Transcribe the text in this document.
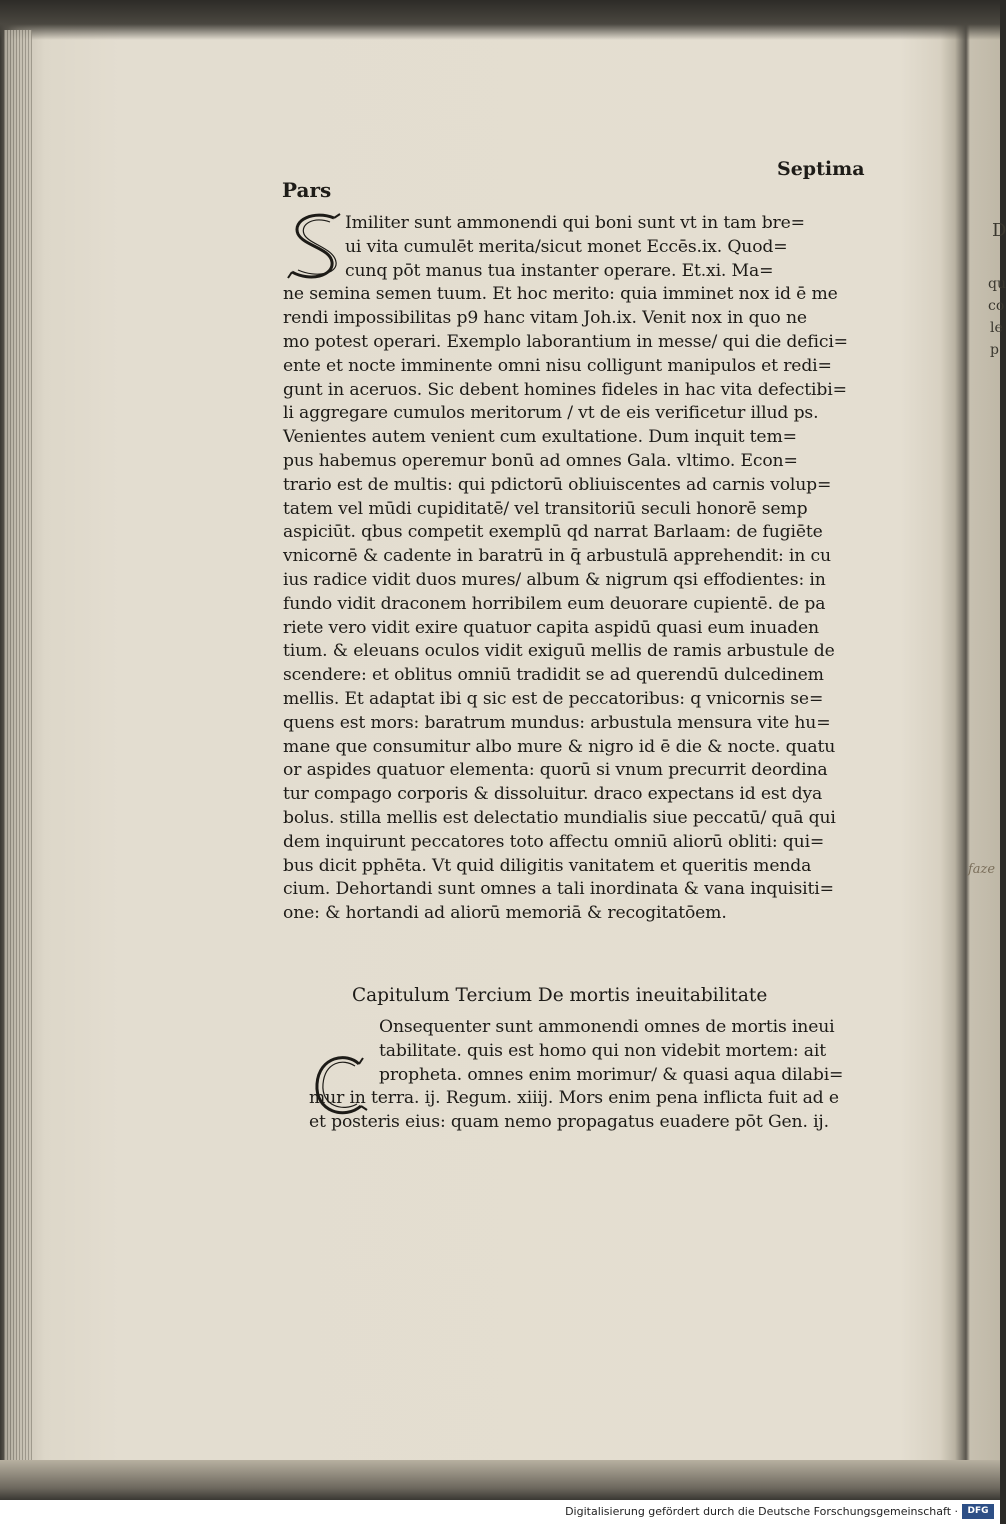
D
qu
co
le
p
Pars
Septima
Imiliter sunt ammonendi qui boni sunt vt in tam bre=
ui vita cumulēt merita/sicut monet Eccēs.ix. Quod=
cunq pōt manus tua instanter operare. Et.xi. Ma=
ne semina semen tuum. Et hoc merito: quia imminet nox id ē me
rendi impossibilitas p9 hanc vitam Joh.ix. Venit nox in quo ne
mo potest operari. Exemplo laborantium in messe/ qui die defici=
ente et nocte imminente omni nisu colligunt manipulos et redi=
gunt in aceruos. Sic debent homines fideles in hac vita defectibi=
li aggregare cumulos meritorum / vt de eis verificetur illud ps.
Venientes autem venient cum exultatione. Dum inquit tem=
pus habemus operemur bonū ad omnes Gala. vltimo. Econ=
trario est de multis: qui pdictorū obliuiscentes ad carnis volup=
tatem vel mūdi cupiditatē/ vel transitoriū seculi honorē semp
aspiciūt. qbus competit exemplū qd narrat Barlaam: de fugiēte
vnicornē & cadente in baratrū in q̄ arbustulā apprehendit: in cu
ius radice vidit duos mures/ album & nigrum qsi effodientes: in
fundo vidit draconem horribilem eum deuorare cupientē. de pa
riete vero vidit exire quatuor capita aspidū quasi eum inuaden
tium. & eleuans oculos vidit exiguū mellis de ramis arbustule de
scendere: et oblitus omniū tradidit se ad querendū dulcedinem
mellis. Et adaptat ibi q sic est de peccatoribus: q vnicornis se=
quens est mors: baratrum mundus: arbustula mensura vite hu=
mane que consumitur albo mure & nigro id ē die & nocte. quatu
or aspides quatuor elementa: quorū si vnum precurrit deordina
tur compago corporis & dissoluitur. draco expectans id est dya
bolus. stilla mellis est delectatio mundialis siue peccatū/ quā qui
dem inquirunt peccatores toto affectu omniū aliorū obliti: qui=
bus dicit pphēta. Vt quid diligitis vanitatem et queritis menda
cium. Dehortandi sunt omnes a tali inordinata & vana inquisiti=
one: & hortandi ad aliorū memoriā & recogitatōem.
Capitulum Tercium De mortis ineuitabilitate
Onsequenter sunt ammonendi omnes de mortis ineui
tabilitate. quis est homo qui non videbit mortem: ait
propheta. omnes enim morimur/ & quasi aqua dilabi=
mur in terra. ij. Regum. xiiij. Mors enim pena inflicta fuit ad e
et posteris eius: quam nemo propagatus euadere pōt Gen. ij.
faze
Digitalisierung gefördert durch die Deutsche Forschungsgemeinschaft ·	DFG
